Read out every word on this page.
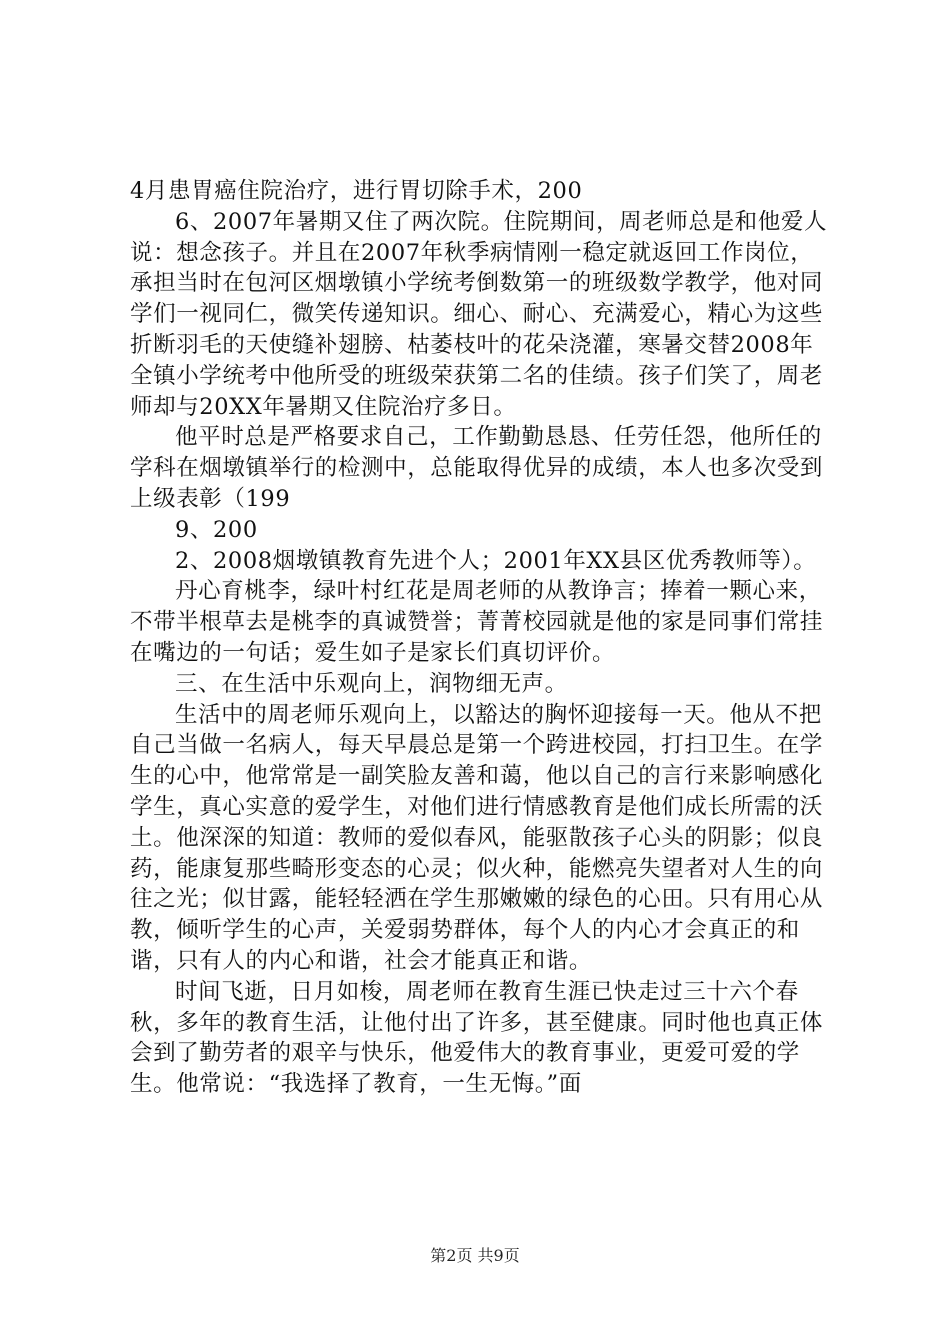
4月患胃癌住院治疗，进行胃切除手术，200

6、2007年暑期又住了两次院。住院期间，周老师总是和他爱人说：想念孩子。并且在2007年秋季病情刚一稳定就返回工作岗位，承担当时在包河区烟墩镇小学统考倒数第一的班级数学教学，他对同学们一视同仁，微笑传递知识。细心、耐心、充满爱心，精心为这些折断羽毛的天使缝补翅膀、枯萎枝叶的花朵浇灌，寒暑交替2008年全镇小学统考中他所受的班级荣获第二名的佳绩。孩子们笑了，周老师却与20XX年暑期又住院治疗多日。

他平时总是严格要求自己，工作勤勤恳恳、任劳任怨，他所任的学科在烟墩镇举行的检测中，总能取得优异的成绩，本人也多次受到上级表彰（199

9、200

2、2008烟墩镇教育先进个人；2001年XX县区优秀教师等）。

丹心育桃李，绿叶村红花是周老师的从教诤言；捧着一颗心来，不带半根草去是桃李的真诚赞誉；菁菁校园就是他的家是同事们常挂在嘴边的一句话；爱生如子是家长们真切评价。

三、在生活中乐观向上，润物细无声。

生活中的周老师乐观向上，以豁达的胸怀迎接每一天。他从不把自己当做一名病人，每天早晨总是第一个跨进校园，打扫卫生。在学生的心中，他常常是一副笑脸友善和蔼，他以自己的言行来影响感化学生，真心实意的爱学生，对他们进行情感教育是他们成长所需的沃土。他深深的知道：教师的爱似春风，能驱散孩子心头的阴影；似良药，能康复那些畸形变态的心灵；似火种，能燃亮失望者对人生的向往之光；似甘露，能轻轻洒在学生那嫩嫩的绿色的心田。只有用心从教，倾听学生的心声，关爱弱势群体，每个人的内心才会真正的和谐，只有人的内心和谐，社会才能真正和谐。

时间飞逝，日月如梭，周老师在教育生涯已快走过三十六个春秋，多年的教育生活，让他付出了许多，甚至健康。同时他也真正体会到了勤劳者的艰辛与快乐，他爱伟大的教育事业，更爱可爱的学生。他常说：“我选择了教育，一生无悔。”面

第2页 共9页
